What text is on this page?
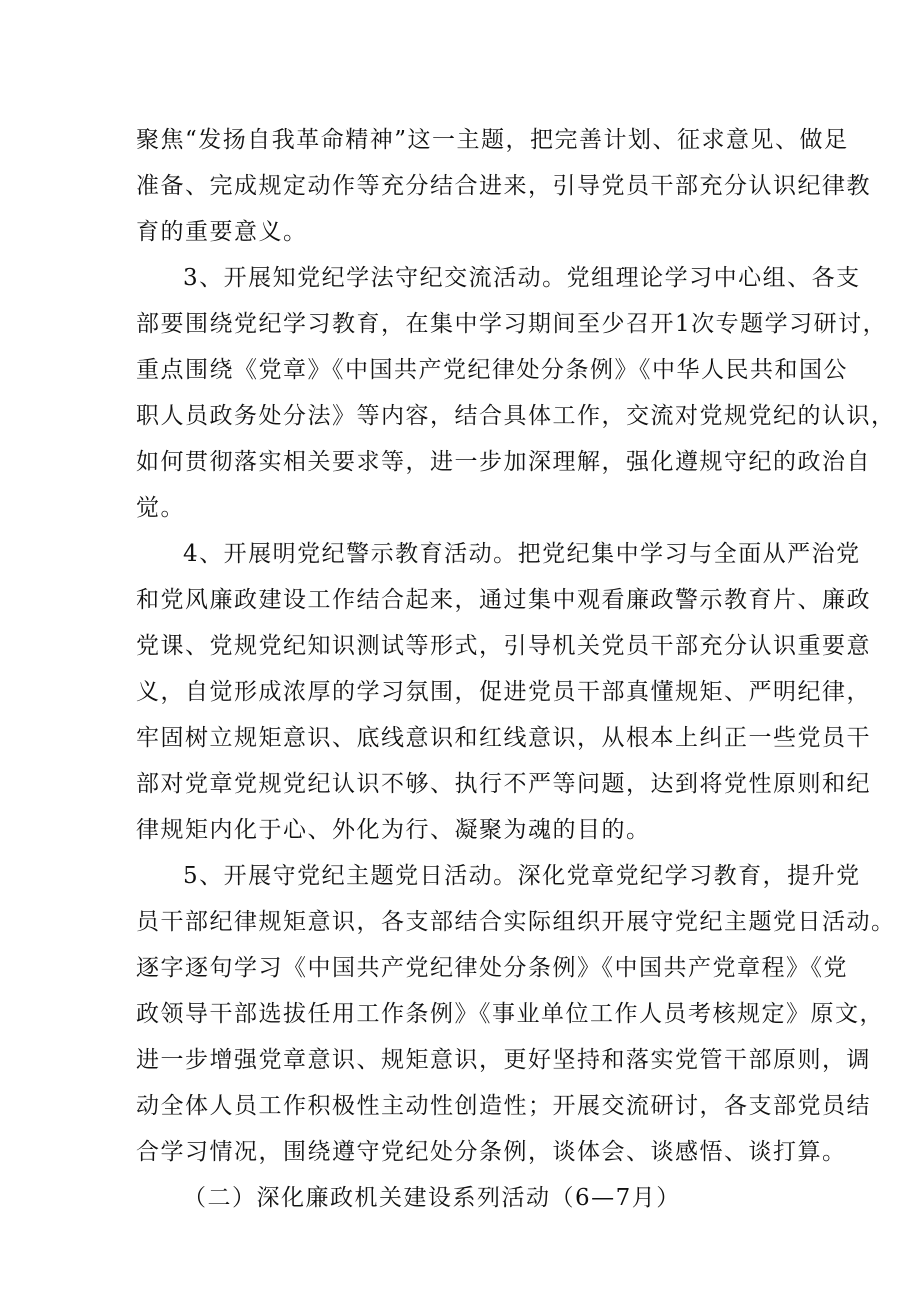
聚焦“发扬自我革命精神”这一主题，把完善计划、征求意见、做足
准备、完成规定动作等充分结合进来，引导党员干部充分认识纪律教
育的重要意义。
3、开展知党纪学法守纪交流活动。党组理论学习中心组、各支
部要围绕党纪学习教育，在集中学习期间至少召开1次专题学习研讨，
重点围绕《党章》《中国共产党纪律处分条例》《中华人民共和国公
职人员政务处分法》等内容，结合具体工作，交流对党规党纪的认识，
如何贯彻落实相关要求等，进一步加深理解，强化遵规守纪的政治自
觉。
4、开展明党纪警示教育活动。把党纪集中学习与全面从严治党
和党风廉政建设工作结合起来，通过集中观看廉政警示教育片、廉政
党课、党规党纪知识测试等形式，引导机关党员干部充分认识重要意
义，自觉形成浓厚的学习氛围，促进党员干部真懂规矩、严明纪律，
牢固树立规矩意识、底线意识和红线意识，从根本上纠正一些党员干
部对党章党规党纪认识不够、执行不严等问题，达到将党性原则和纪
律规矩内化于心、外化为行、凝聚为魂的目的。
5、开展守党纪主题党日活动。深化党章党纪学习教育，提升党
员干部纪律规矩意识，各支部结合实际组织开展守党纪主题党日活动。
逐字逐句学习《中国共产党纪律处分条例》《中国共产党章程》《党
政领导干部选拔任用工作条例》《事业单位工作人员考核规定》原文，
进一步增强党章意识、规矩意识，更好坚持和落实党管干部原则，调
动全体人员工作积极性主动性创造性；开展交流研讨，各支部党员结
合学习情况，围绕遵守党纪处分条例，谈体会、谈感悟、谈打算。
（二）深化廉政机关建设系列活动（6—7月）
